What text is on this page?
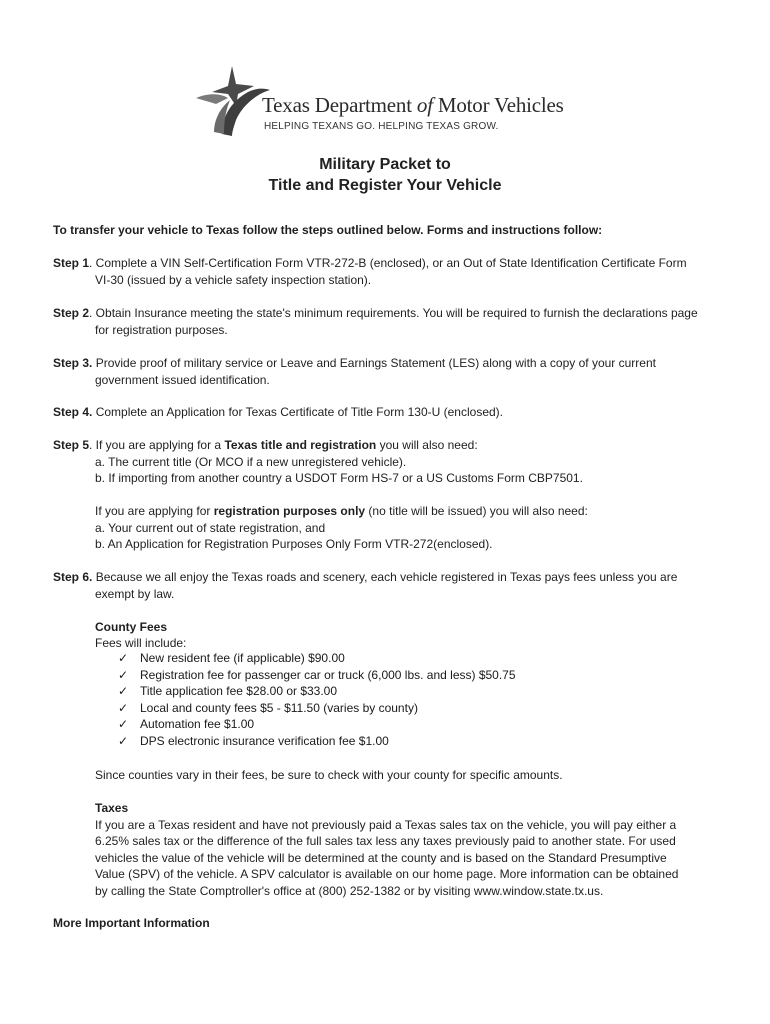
Texas Department of Motor Vehicles
HELPING TEXANS GO. HELPING TEXAS GROW.
Military Packet to
Title and Register Your Vehicle
To transfer your vehicle to Texas follow the steps outlined below. Forms and instructions follow:
Step 1. Complete a VIN Self-Certification Form VTR-272-B (enclosed), or an Out of State Identification Certificate Form
VI-30 (issued by a vehicle safety inspection station).
Step 2. Obtain Insurance meeting the state's minimum requirements. You will be required to furnish the declarations page
for registration purposes.
Step 3. Provide proof of military service or Leave and Earnings Statement (LES) along with a copy of your current
government issued identification.
Step 4. Complete an Application for Texas Certificate of Title Form 130-U (enclosed).
Step 5. If you are applying for a Texas title and registration you will also need:
a. The current title (Or MCO if a new unregistered vehicle).
b. If importing from another country a USDOT Form HS-7 or a US Customs Form CBP7501.
If you are applying for registration purposes only (no title will be issued) you will also need:
a. Your current out of state registration, and
b. An Application for Registration Purposes Only Form VTR-272(enclosed).
Step 6. Because we all enjoy the Texas roads and scenery, each vehicle registered in Texas pays fees unless you are
exempt by law.
County Fees
Fees will include:
✓ New resident fee (if applicable) $90.00
✓ Registration fee for passenger car or truck (6,000 lbs. and less) $50.75
✓ Title application fee $28.00 or $33.00
✓ Local and county fees $5 - $11.50 (varies by county)
✓ Automation fee $1.00
✓ DPS electronic insurance verification fee $1.00
Since counties vary in their fees, be sure to check with your county for specific amounts.
Taxes
If you are a Texas resident and have not previously paid a Texas sales tax on the vehicle, you will pay either a
6.25% sales tax or the difference of the full sales tax less any taxes previously paid to another state. For used
vehicles the value of the vehicle will be determined at the county and is based on the Standard Presumptive
Value (SPV) of the vehicle. A SPV calculator is available on our home page. More information can be obtained
by calling the State Comptroller's office at (800) 252-1382 or by visiting www.window.state.tx.us.
More Important Information
